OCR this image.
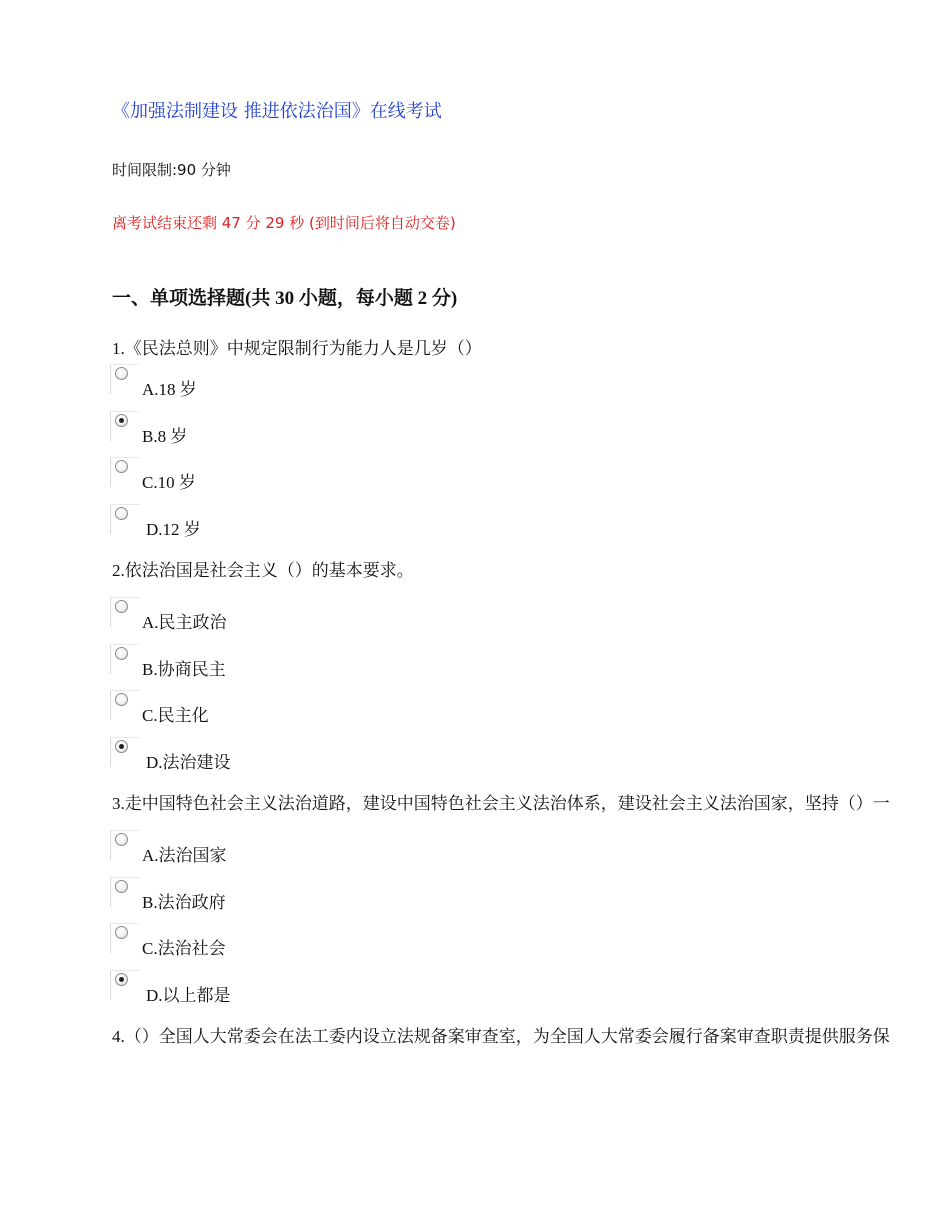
《加强法制建设 推进依法治国》在线考试
时间限制:90 分钟
离考试结束还剩 47 分 29 秒 (到时间后将自动交卷)
一、单项选择题(共 30 小题，每小题 2 分)
1.《民法总则》中规定限制行为能力人是几岁（）
A.18 岁
B.8 岁
C.10 岁
D.12 岁
2.依法治国是社会主义（）的基本要求。
A.民主政治
B.协商民主
C.民主化
D.法治建设
3.走中国特色社会主义法治道路，建设中国特色社会主义法治体系，建设社会主义法治国家，坚持（）一
A.法治国家
B.法治政府
C.法治社会
D.以上都是
4.（）全国人大常委会在法工委内设立法规备案审查室，为全国人大常委会履行备案审查职责提供服务保
